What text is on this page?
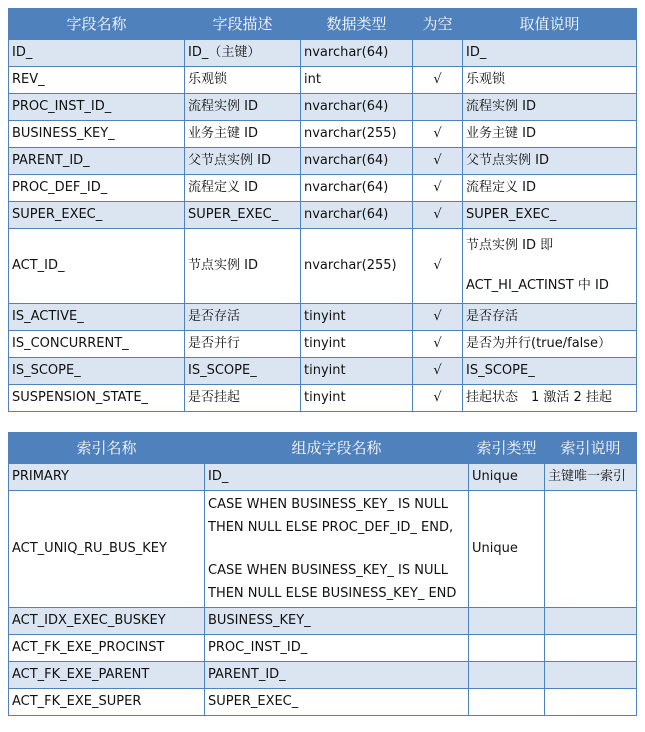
字段名称	字段描述	数据类型	为空	取值说明
ID_	ID_（主键）	nvarchar(64)		ID_
REV_	乐观锁	int	√	乐观锁
PROC_INST_ID_	流程实例 ID	nvarchar(64)		流程实例 ID
BUSINESS_KEY_	业务主键 ID	nvarchar(255)	√	业务主键 ID
PARENT_ID_	父节点实例 ID	nvarchar(64)	√	父节点实例 ID
PROC_DEF_ID_	流程定义 ID	nvarchar(64)	√	流程定义 ID
SUPER_EXEC_	SUPER_EXEC_	nvarchar(64)	√	SUPER_EXEC_
ACT_ID_	节点实例 ID	nvarchar(255)	√	节点实例 ID 即
ACT_HI_ACTINST 中 ID

IS_ACTIVE_	是否存活	tinyint	√	是否存活
IS_CONCURRENT_	是否并行	tinyint	√	是否为并行(true/false）
IS_SCOPE_	IS_SCOPE_	tinyint	√	IS_SCOPE_
SUSPENSION_STATE_	是否挂起	tinyint	√	挂起状态　1 激活 2 挂起
索引名称	组成字段名称	索引类型	索引说明
PRIMARY	ID_	Unique	主键唯一索引
ACT_UNIQ_RU_BUS_KEY	CASE WHEN BUSINESS_KEY_ IS NULL
THEN NULL ELSE PROC_DEF_ID_ END,
CASE WHEN BUSINESS_KEY_ IS NULL
THEN NULL ELSE BUSINESS_KEY_ END	Unique	
ACT_IDX_EXEC_BUSKEY	BUSINESS_KEY_		
ACT_FK_EXE_PROCINST	PROC_INST_ID_		
ACT_FK_EXE_PARENT	PARENT_ID_		
ACT_FK_EXE_SUPER	SUPER_EXEC_		
